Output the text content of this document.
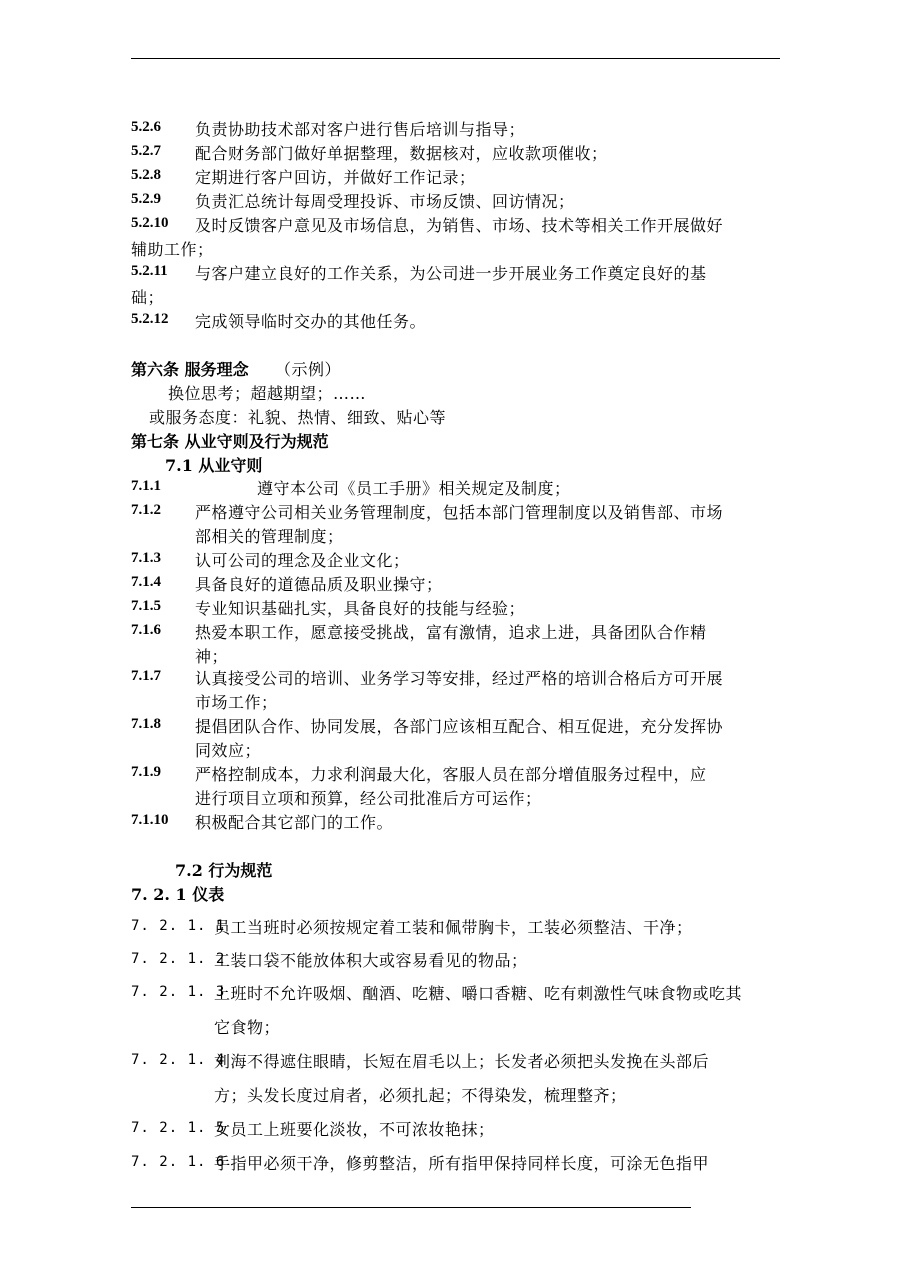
5.2.6 负责协助技术部对客户进行售后培训与指导；
5.2.7 配合财务部门做好单据整理，数据核对，应收款项催收；
5.2.8 定期进行客户回访，并做好工作记录；
5.2.9 负责汇总统计每周受理投诉、市场反馈、回访情况；
5.2.10 及时反馈客户意见及市场信息，为销售、市场、技术等相关工作开展做好
辅助工作；
5.2.11 与客户建立良好的工作关系，为公司进一步开展业务工作奠定良好的基
础；
5.2.12 完成领导临时交办的其他任务。
第六条 服务理念 （示例）
换位思考；超越期望；……
或服务态度：礼貌、热情、细致、贴心等
第七条 从业守则及行为规范
7.1 从业守则
7.1.1	遵守本公司《员工手册》相关规定及制度；
7.1.2 严格遵守公司相关业务管理制度，包括本部门管理制度以及销售部、市场
部相关的管理制度；
7.1.3 认可公司的理念及企业文化；
7.1.4 具备良好的道德品质及职业操守；
7.1.5 专业知识基础扎实，具备良好的技能与经验；
7.1.6 热爱本职工作，愿意接受挑战，富有激情，追求上进，具备团队合作精
神；
7.1.7 认真接受公司的培训、业务学习等安排，经过严格的培训合格后方可开展
市场工作；
7.1.8 提倡团队合作、协同发展，各部门应该相互配合、相互促进，充分发挥协
同效应；
7.1.9 严格控制成本，力求利润最大化，客服人员在部分增值服务过程中，应
进行项目立项和预算，经公司批准后方可运作；
7.1.10 积极配合其它部门的工作。
7.2 行为规范
7. 2. 1 仪表
7. 2. 1. 1
员工当班时必须按规定着工装和佩带胸卡，工装必须整洁、干净；
7. 2. 1. 2
工装口袋不能放体积大或容易看见的物品；
7. 2. 1. 3
上班时不允许吸烟、酗酒、吃糖、嚼口香糖、吃有刺激性气味食物或吃其
它食物；
7. 2. 1. 4
刘海不得遮住眼睛，长短在眉毛以上；长发者必须把头发挽在头部后
方；头发长度过肩者，必须扎起；不得染发，梳理整齐；
7. 2. 1. 5
女员工上班要化淡妆，不可浓妆艳抹；
7. 2. 1. 6
手指甲必须干净，修剪整洁，所有指甲保持同样长度，可涂无色指甲
